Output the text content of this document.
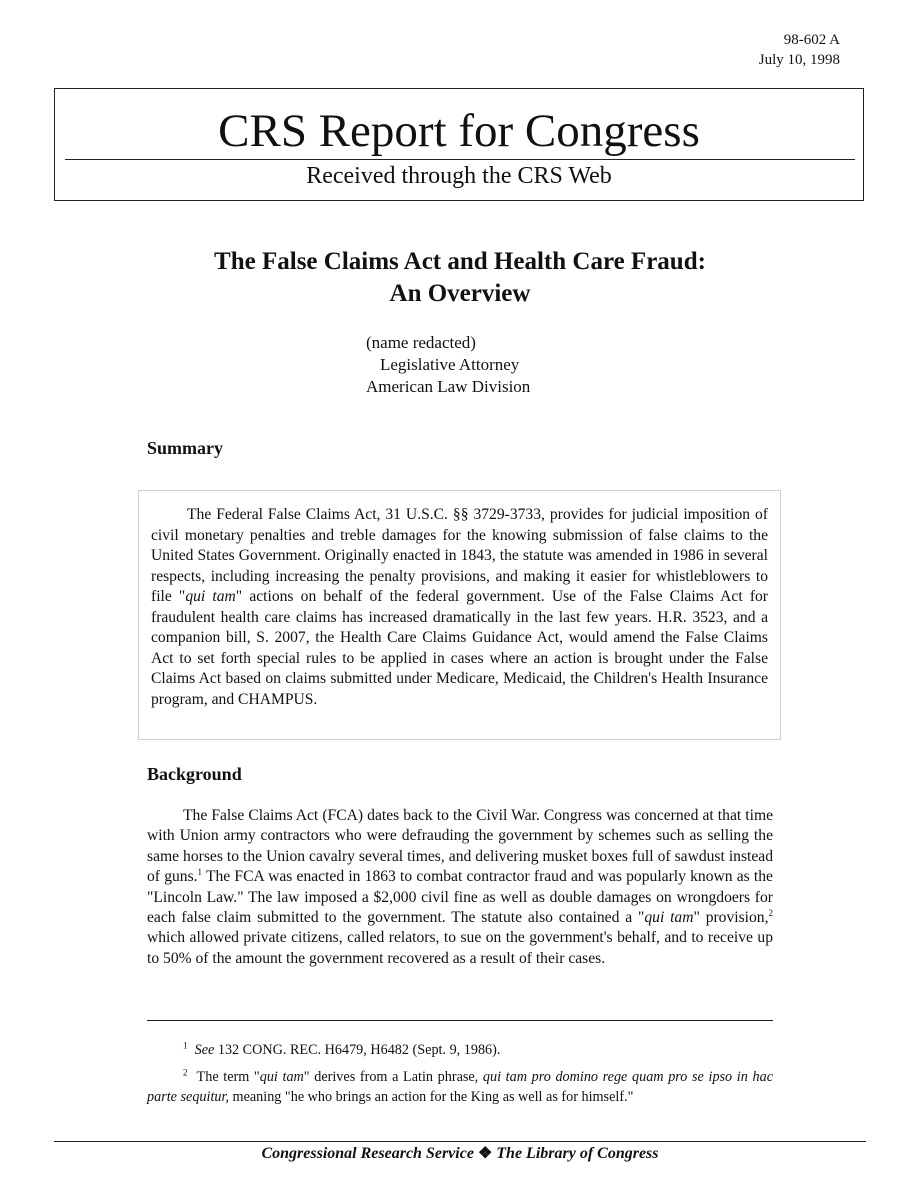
98-602 A
July 10, 1998
CRS Report for Congress
Received through the CRS Web
The False Claims Act and Health Care Fraud:
An Overview
(name redacted)
Legislative Attorney
American Law Division
Summary

The Federal False Claims Act, 31 U.S.C. §§ 3729-3733, provides for judicial imposition of civil monetary penalties and treble damages for the knowing submission of false claims to the United States Government. Originally enacted in 1843, the statute was amended in 1986 in several respects, including increasing the penalty provisions, and making it easier for whistleblowers to file "qui tam" actions on behalf of the federal government. Use of the False Claims Act for fraudulent health care claims has increased dramatically in the last few years. H.R. 3523, and a companion bill, S. 2007, the Health Care Claims Guidance Act, would amend the False Claims Act to set forth special rules to be applied in cases where an action is brought under the False Claims Act based on claims submitted under Medicare, Medicaid, the Children's Health Insurance program, and CHAMPUS.

Background

The False Claims Act (FCA) dates back to the Civil War. Congress was concerned at that time with Union army contractors who were defrauding the government by schemes such as selling the same horses to the Union cavalry several times, and delivering musket boxes full of sawdust instead of guns.$^1$ The FCA was enacted in 1863 to combat contractor fraud and was popularly known as the "Lincoln Law." The law imposed a $2,000 civil fine as well as double damages on wrongdoers for each false claim submitted to the government. The statute also contained a "qui tam" provision,$^2$ which allowed private citizens, called relators, to sue on the government's behalf, and to receive up to 50% of the amount the government recovered as a result of their cases.

$^1$ See 132 CONG. REC. H6479, H6482 (Sept. 9, 1986).

$^2$  The term "qui tam" derives from a Latin phrase, qui tam pro domino rege quam pro se ipso in hac parte sequitur, meaning "he who brings an action for the King as well as for himself."

Congressional Research Service ❖ The Library of Congress
